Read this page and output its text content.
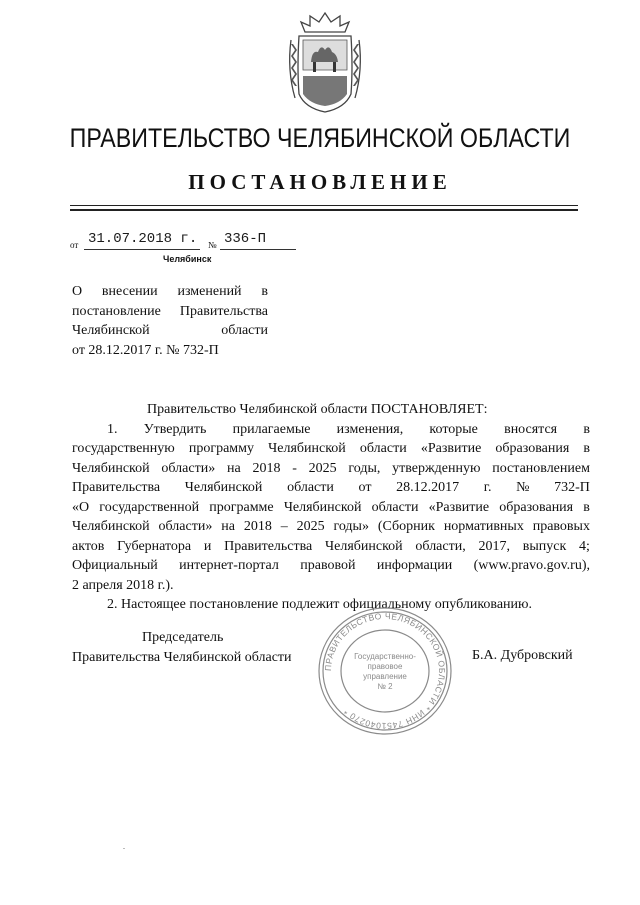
ПРАВИТЕЛЬСТВО ЧЕЛЯБИНСКОЙ ОБЛАСТИ
ПОСТАНОВЛЕНИЕ
от 31.07.2018 г. № 336-П
Челябинск
О внесении изменений в
постановление Правительства
Челябинской	области
от 28.12.2017 г. № 732-П
Правительство Челябинской области ПОСТАНОВЛЯЕТ:
1. Утвердить прилагаемые изменения, которые вносятся в
государственную программу Челябинской области «Развитие образования в
Челябинской области» на 2018 - 2025 годы, утвержденную постановлением
Правительства Челябинской области от 28.12.2017 г. № 732-П
«О государственной программе Челябинской области «Развитие образования в
Челябинской области» на 2018 – 2025 годы» (Сборник нормативных правовых
актов Губернатора и Правительства Челябинской области, 2017, выпуск 4;
Официальный интернет-портал правовой информации (www.pravo.gov.ru),
2 апреля 2018 г.).
2. Настоящее постановление подлежит официальному опубликованию.
Председатель
Правительства Челябинской области
ПРАВИТЕЛЬСТВО ЧЕЛЯБИНСКОЙ ОБЛАСТИ * ИНН 7451040270 *
Государственно-
правовое
управление
№ 2
Б.А. Дубровский
